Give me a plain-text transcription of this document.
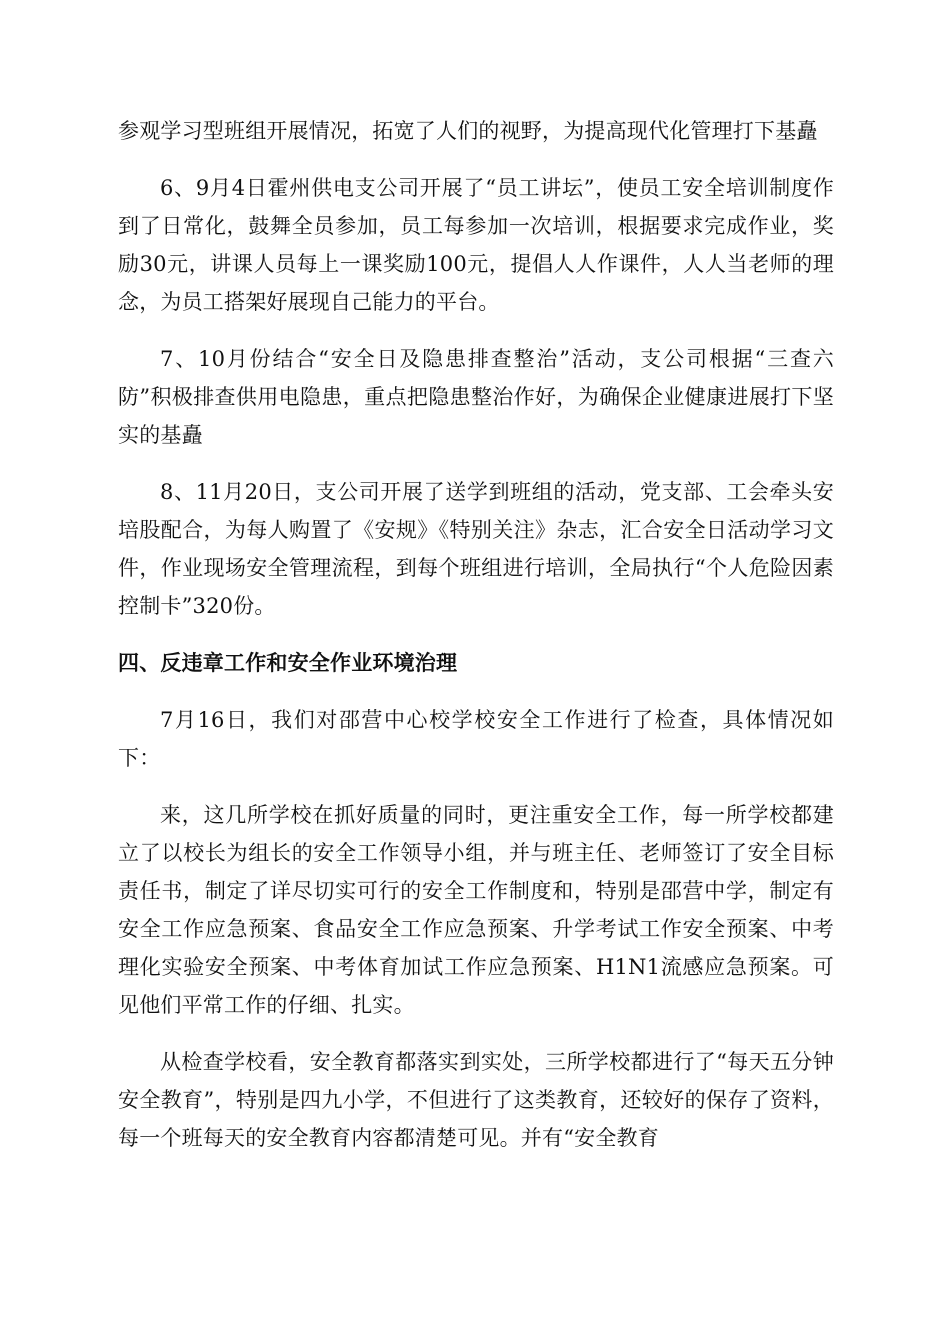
参观学习型班组开展情况，拓宽了人们的视野，为提高现代化管理打下基矗

6、9月4日霍州供电支公司开展了“员工讲坛”，使员工安全培训制度作到了日常化，鼓舞全员参加，员工每参加一次培训，根据要求完成作业，奖励30元，讲课人员每上一课奖励100元，提倡人人作课件，人人当老师的理念，为员工搭架好展现自己能力的平台。

7、10月份结合“安全日及隐患排查整治”活动，支公司根据“三查六防”积极排查供用电隐患，重点把隐患整治作好，为确保企业健康进展打下坚实的基矗

8、11月20日，支公司开展了送学到班组的活动，党支部、工会牵头安培股配合，为每人购置了《安规》《特别关注》杂志，汇合安全日活动学习文件，作业现场安全管理流程，到每个班组进行培训，全局执行“个人危险因素控制卡”320份。

四、反违章工作和安全作业环境治理

7月16日，我们对邵营中心校学校安全工作进行了检查，具体情况如下：

来，这几所学校在抓好质量的同时，更注重安全工作，每一所学校都建立了以校长为组长的安全工作领导小组，并与班主任、老师签订了安全目标责任书，制定了详尽切实可行的安全工作制度和，特别是邵营中学，制定有安全工作应急预案、食品安全工作应急预案、升学考试工作安全预案、中考理化实验安全预案、中考体育加试工作应急预案、H1N1流感应急预案。可见他们平常工作的仔细、扎实。

从检查学校看，安全教育都落实到实处，三所学校都进行了“每天五分钟安全教育”，特别是四九小学，不但进行了这类教育，还较好的保存了资料，每一个班每天的安全教育内容都清楚可见。并有“安全教育
